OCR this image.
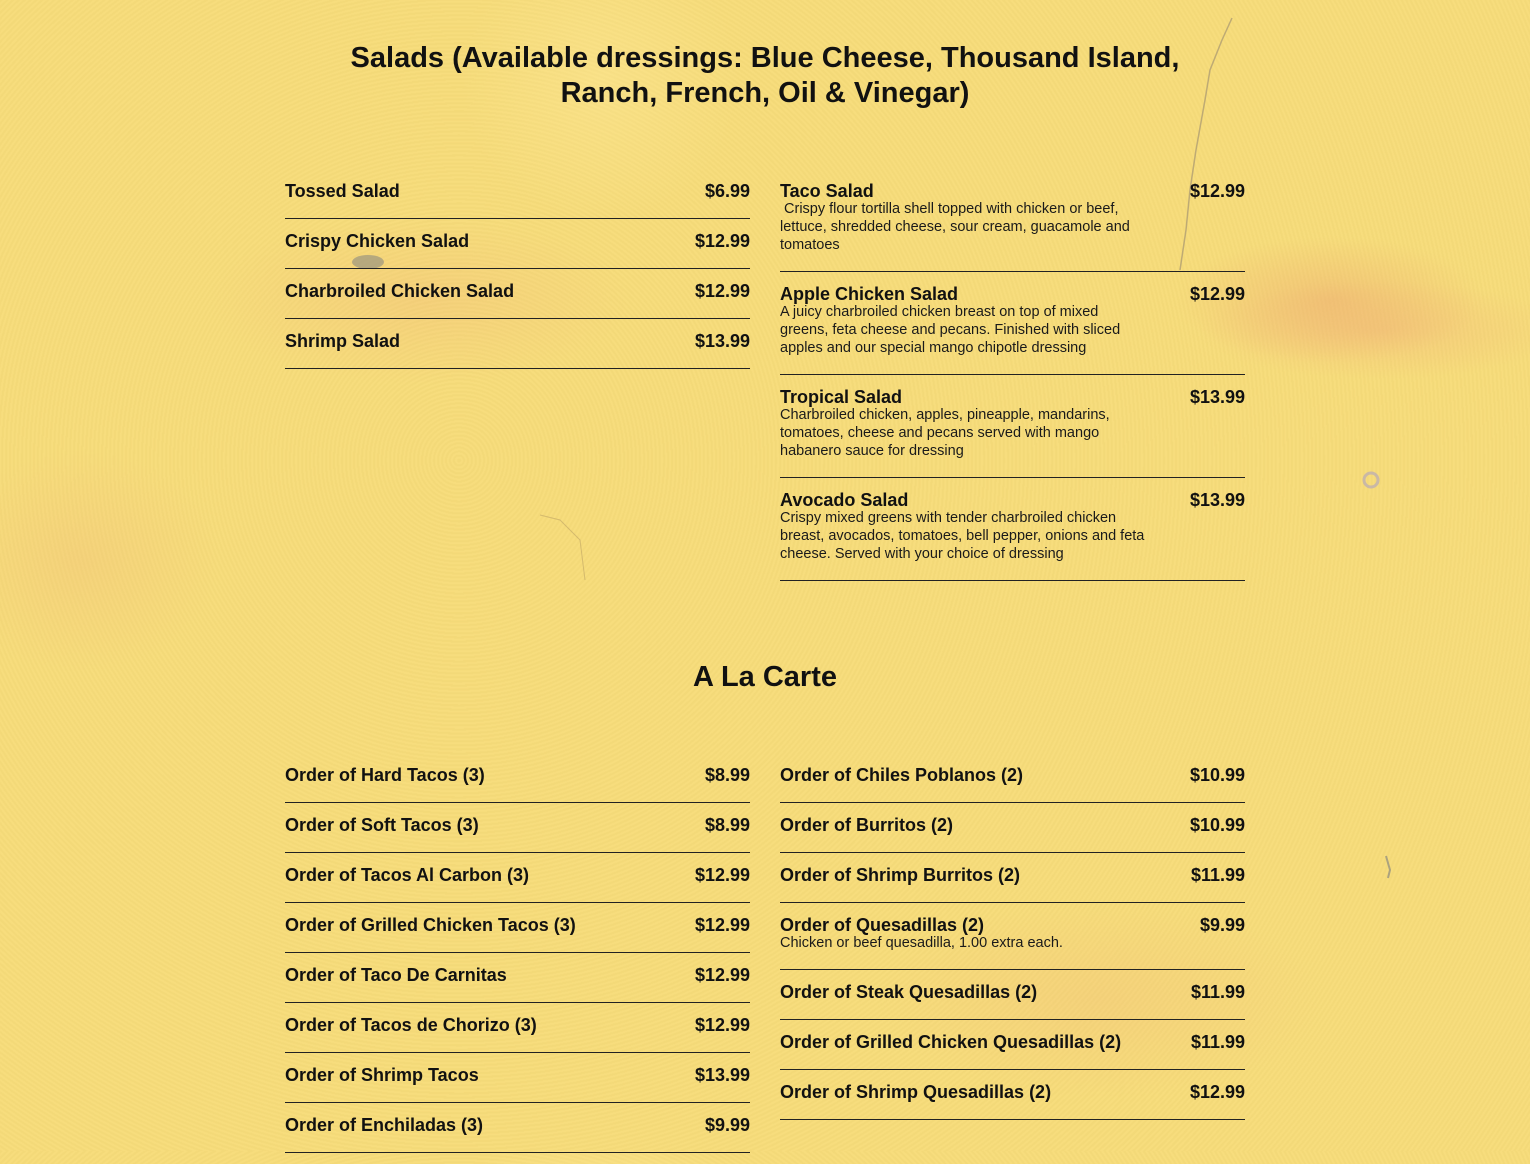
Salads (Available dressings: Blue Cheese, Thousand Island, Ranch, French, Oil & Vinegar)
Tossed Salad	$6.99
Crispy Chicken Salad	$12.99
Charbroiled Chicken Salad	$12.99
Shrimp Salad	$13.99
Taco Salad	$12.99
Crispy flour tortilla shell topped with chicken or beef, lettuce, shredded cheese, sour cream, guacamole and tomatoes
Apple Chicken Salad	$12.99
A juicy charbroiled chicken breast on top of mixed greens, feta cheese and pecans. Finished with sliced apples and our special mango chipotle dressing
Tropical Salad	$13.99
Charbroiled chicken, apples, pineapple, mandarins, tomatoes, cheese and pecans served with mango habanero sauce for dressing
Avocado Salad	$13.99
Crispy mixed greens with tender charbroiled chicken breast, avocados, tomatoes, bell pepper, onions and feta cheese. Served with your choice of dressing
A La Carte
Order of Hard Tacos (3)	$8.99
Order of Soft Tacos (3)	$8.99
Order of Tacos Al Carbon (3)	$12.99
Order of Grilled Chicken Tacos (3)	$12.99
Order of Taco De Carnitas	$12.99
Order of Tacos de Chorizo (3)	$12.99
Order of Shrimp Tacos	$13.99
Order of Enchiladas (3)	$9.99
Order of Chiles Poblanos (2)	$10.99
Order of Burritos (2)	$10.99
Order of Shrimp Burritos (2)	$11.99
Order of Quesadillas (2)	$9.99
Chicken or beef quesadilla, 1.00 extra each.
Order of Steak Quesadillas (2)	$11.99
Order of Grilled Chicken Quesadillas (2)	$11.99
Order of Shrimp Quesadillas (2)	$12.99
